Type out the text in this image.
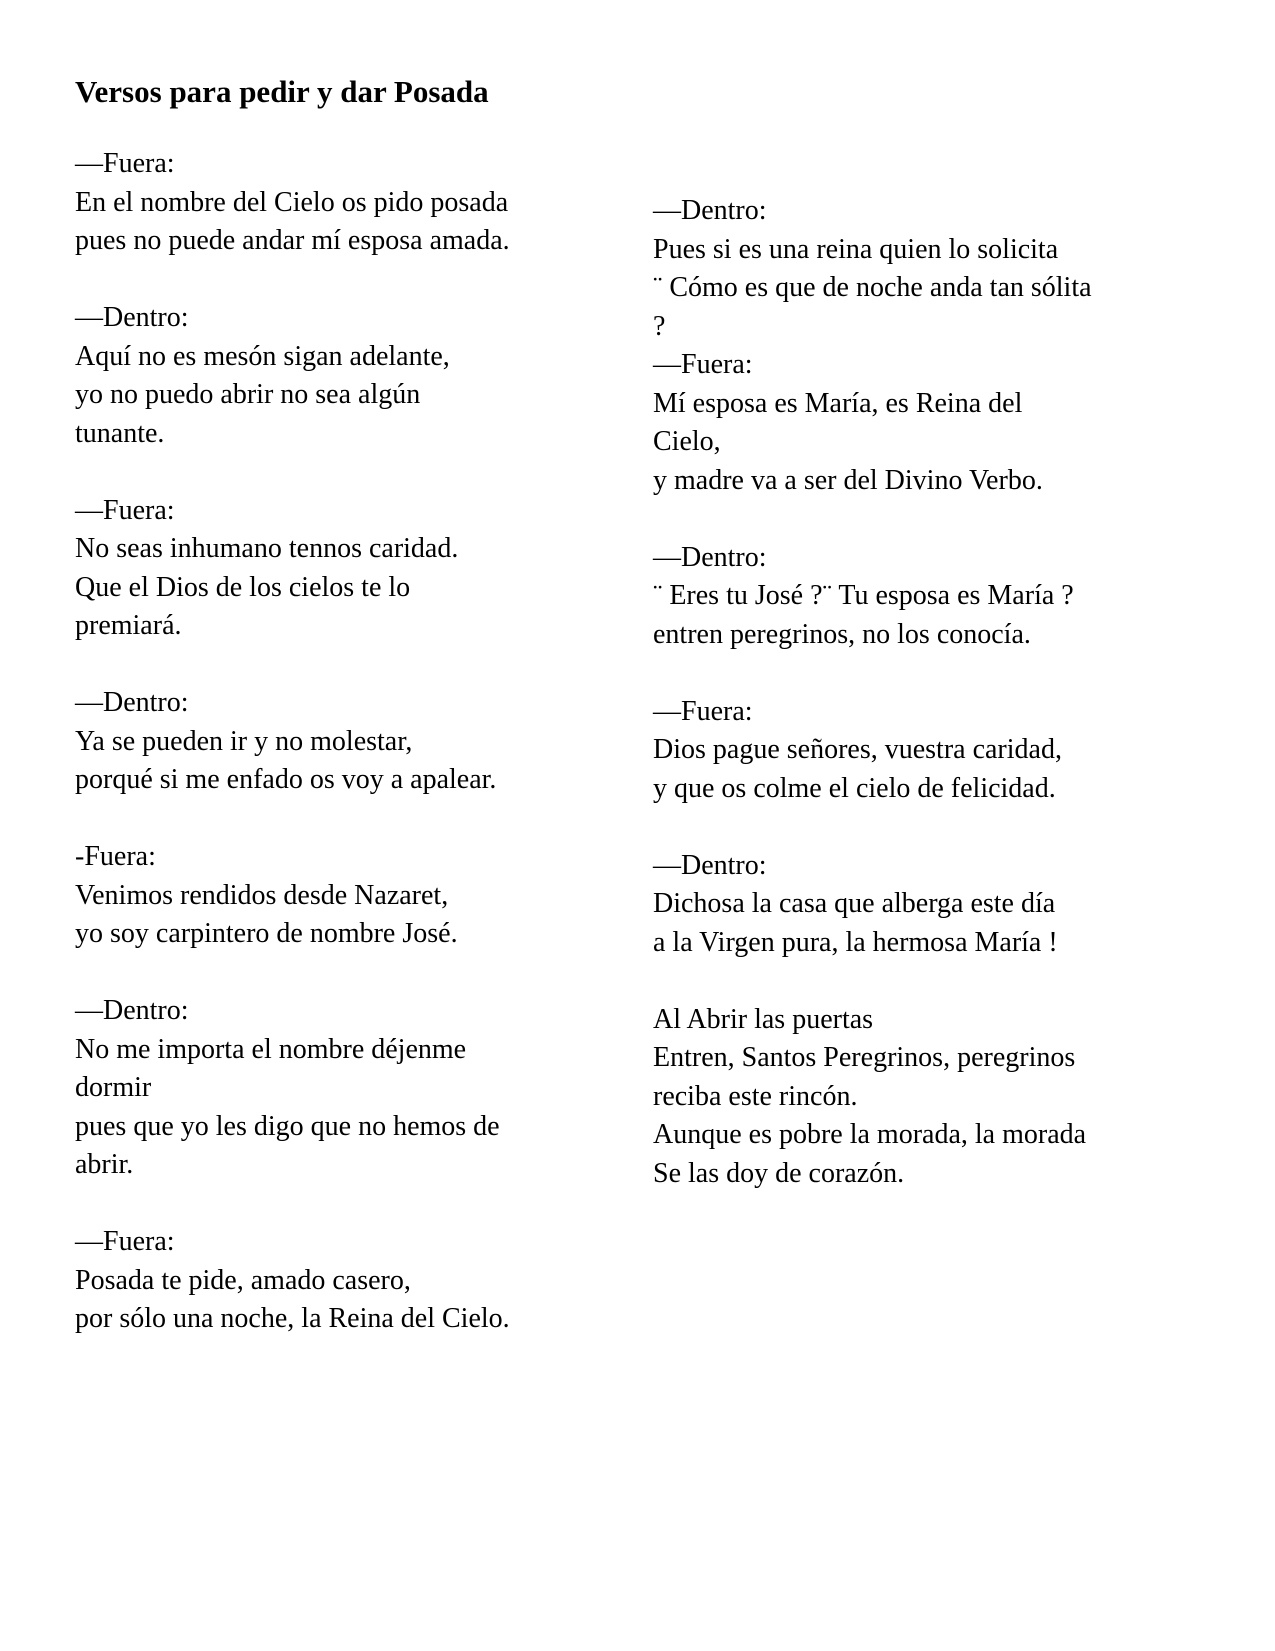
Versos para pedir y dar Posada

—Fuera:

En el nombre del Cielo os pido posada

pues no puede andar mí esposa amada.

—Dentro:

Aquí no es mesón sigan adelante,

yo no puedo abrir no sea algún

tunante.

—Fuera:

No seas inhumano tennos caridad.

Que el Dios de los cielos te lo

premiará.

—Dentro:

Ya se pueden ir y no molestar,

porqué si me enfado os voy a apalear.

-Fuera:

Venimos rendidos desde Nazaret,

yo soy carpintero de nombre José.

—Dentro:

No me importa el nombre déjenme

dormir

pues que yo les digo que no hemos de

abrir.

—Fuera:

Posada te pide, amado casero,

por sólo una noche, la Reina del Cielo.

—Dentro:

Pues si es una reina quien lo solicita

¨ Cómo es que de noche anda tan sólita

?

—Fuera:

Mí esposa es María, es Reina del

Cielo,

y madre va a ser del Divino Verbo.

—Dentro:

¨ Eres tu José ?¨ Tu esposa es María ?

entren peregrinos, no los conocía.

—Fuera:

Dios pague señores, vuestra caridad,

y que os colme el cielo de felicidad.

—Dentro:

Dichosa la casa que alberga este día

a la Virgen pura, la hermosa María !

Al Abrir las puertas

Entren, Santos Peregrinos, peregrinos

reciba este rincón.

Aunque es pobre la morada, la morada

Se las doy de corazón.
